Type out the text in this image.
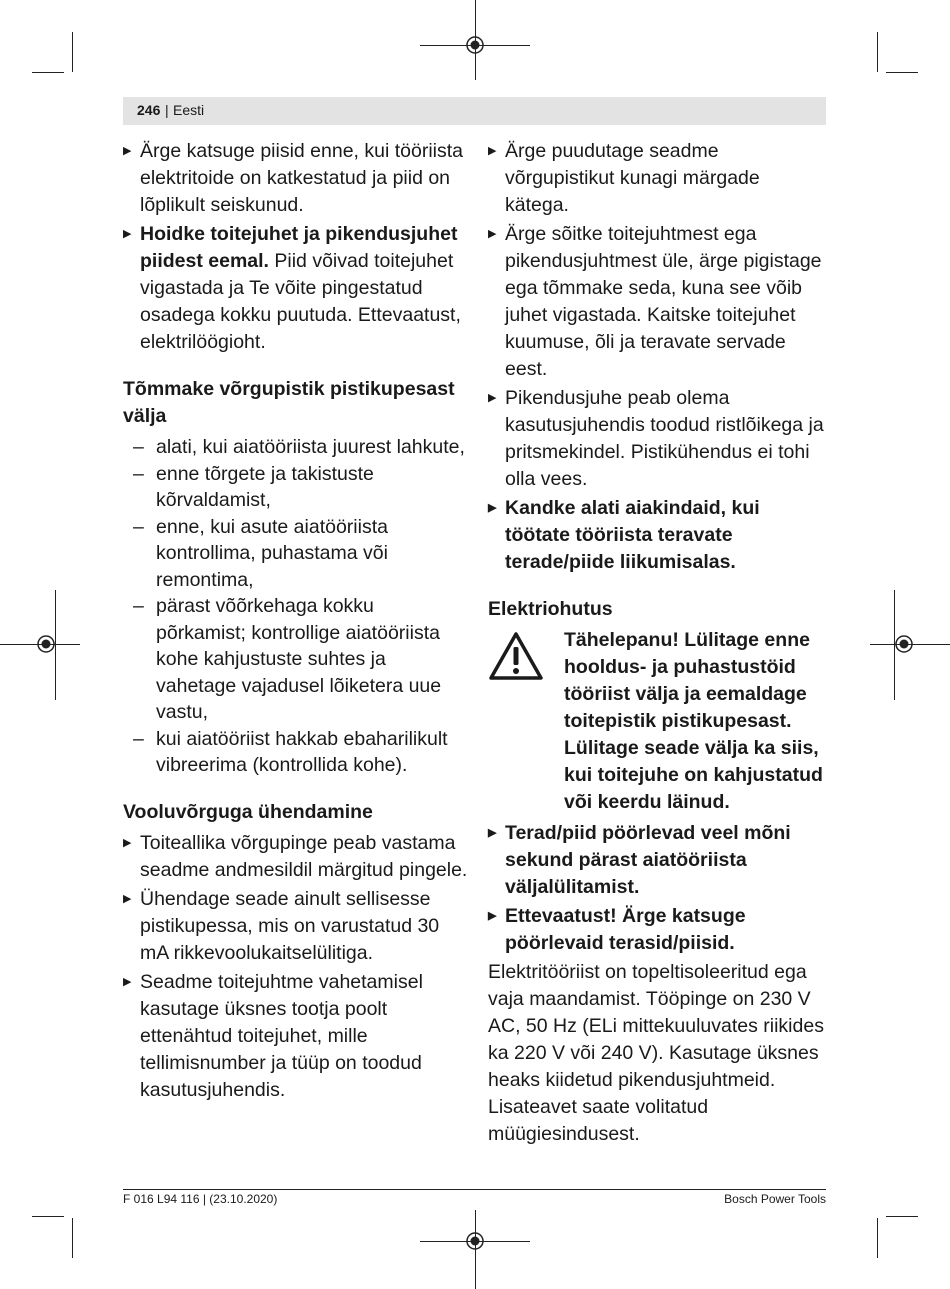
246 | Eesti
▶ Ärge katsuge piisid enne, kui tööriista elektritoide on katkestatud ja piid on lõplikult seiskunud.
▶ Hoidke toitejuhet ja pikendusjuhet piidest eemal. Piid võivad toitejuhet vigastada ja Te võite pingestatud osadega kokku puutuda. Ettevaatust, elektrilöögioht.
Tõmmake võrgupistik pistikupesast välja
– alati, kui aiatööriista juurest lahkute,
– enne tõrgete ja takistuste kõrvaldamist,
– enne, kui asute aiatööriista kontrollima, puhastama või remontima,
– pärast võõrkehaga kokku põrkamist; kontrollige aiatööriista kohe kahjustuste suhtes ja vahetage vajadusel lõiketera uue vastu,
– kui aiatööriist hakkab ebaharilikult vibreerima (kontrollida kohe).
Vooluvõrguga ühendamine
▶ Toiteallika võrgupinge peab vastama seadme andmesildil märgitud pingele.
▶ Ühendage seade ainult sellisesse pistikupessa, mis on varustatud 30 mA rikkevoolukaitselülitiga.
▶ Seadme toitejuhtme vahetamisel kasutage üksnes tootja poolt ettenähtud toitejuhet, mille tellimisnumber ja tüüp on toodud kasutusjuhendis.
▶ Ärge puudutage seadme võrgupistikut kunagi märgade kätega.
▶ Ärge sõitke toitejuhtmest ega pikendusjuhtmest üle, ärge pigistage ega tõmmake seda, kuna see võib juhet vigastada. Kaitske toitejuhet kuumuse, õli ja teravate servade eest.
▶ Pikendusjuhe peab olema kasutusjuhendis toodud ristlõikega ja pritsmekindel. Pistikühendus ei tohi olla vees.
▶ Kandke alati aiakindaid, kui töötate tööriista teravate terade/piide liikumisalas.
Elektriohutus
Tähelepanu! Lülitage enne hooldus- ja puhastustöid tööriist välja ja eemaldage toitepistik pistikupesast. Lülitage seade välja ka siis, kui toitejuhe on kahjustatud või keerdu läinud.
▶ Terad/piid pöörlevad veel mõni sekund pärast aiatööriista väljalülitamist.
▶ Ettevaatust! Ärge katsuge pöörlevaid terasid/piisid.

Elektritööriist on topeltisoleeritud ega vaja maandamist. Tööpinge on 230 V AC, 50 Hz (ELi mittekuuluvates riikides ka 220 V või 240 V). Kasutage üksnes heaks kiidetud pikendusjuhtmeid. Lisateavet saate volitatud müügiesindusest.

F 016 L94 116 | (23.10.2020)	Bosch Power Tools
